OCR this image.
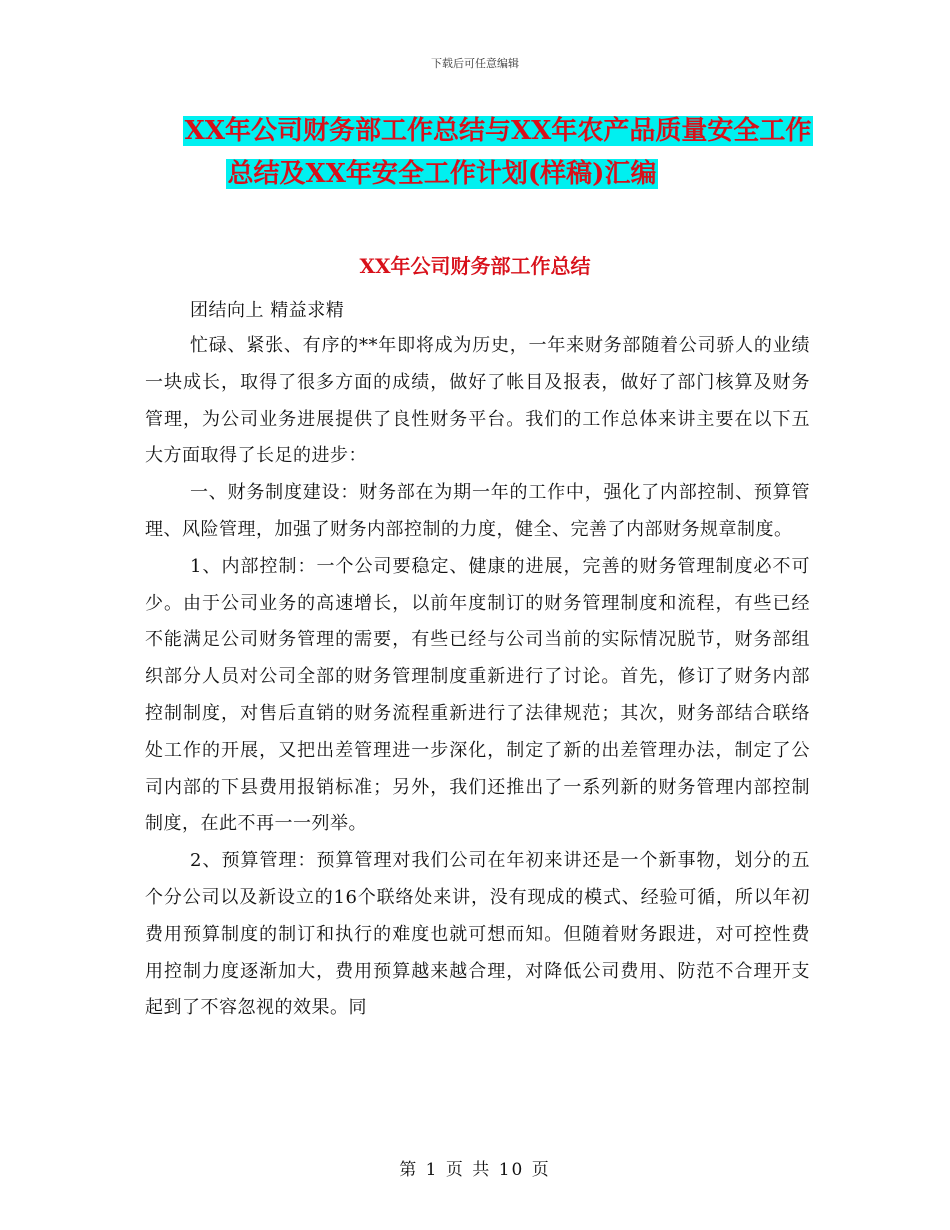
下载后可任意编辑
XX年公司财务部工作总结与XX年农产品质量安全工作
总结及XX年安全工作计划(样稿)汇编
XX年公司财务部工作总结
团结向上 精益求精

忙碌、紧张、有序的**年即将成为历史，一年来财务部随着公司骄人的业绩一块成长，取得了很多方面的成绩，做好了帐目及报表，做好了部门核算及财务管理，为公司业务进展提供了良性财务平台。我们的工作总体来讲主要在以下五大方面取得了长足的进步：

一、财务制度建设：财务部在为期一年的工作中，强化了内部控制、预算管理、风险管理，加强了财务内部控制的力度，健全、完善了内部财务规章制度。

1、内部控制：一个公司要稳定、健康的进展，完善的财务管理制度必不可少。由于公司业务的高速增长，以前年度制订的财务管理制度和流程，有些已经不能满足公司财务管理的需要，有些已经与公司当前的实际情况脱节，财务部组织部分人员对公司全部的财务管理制度重新进行了讨论。首先，修订了财务内部控制制度，对售后直销的财务流程重新进行了法律规范；其次，财务部结合联络处工作的开展，又把出差管理进一步深化，制定了新的出差管理办法，制定了公司内部的下县费用报销标准；另外，我们还推出了一系列新的财务管理内部控制制度，在此不再一一列举。

2、预算管理：预算管理对我们公司在年初来讲还是一个新事物，划分的五个分公司以及新设立的16个联络处来讲，没有现成的模式、经验可循，所以年初费用预算制度的制订和执行的难度也就可想而知。但随着财务跟进，对可控性费用控制力度逐渐加大，费用预算越来越合理，对降低公司费用、防范不合理开支起到了不容忽视的效果。同

第 1 页 共 10 页
